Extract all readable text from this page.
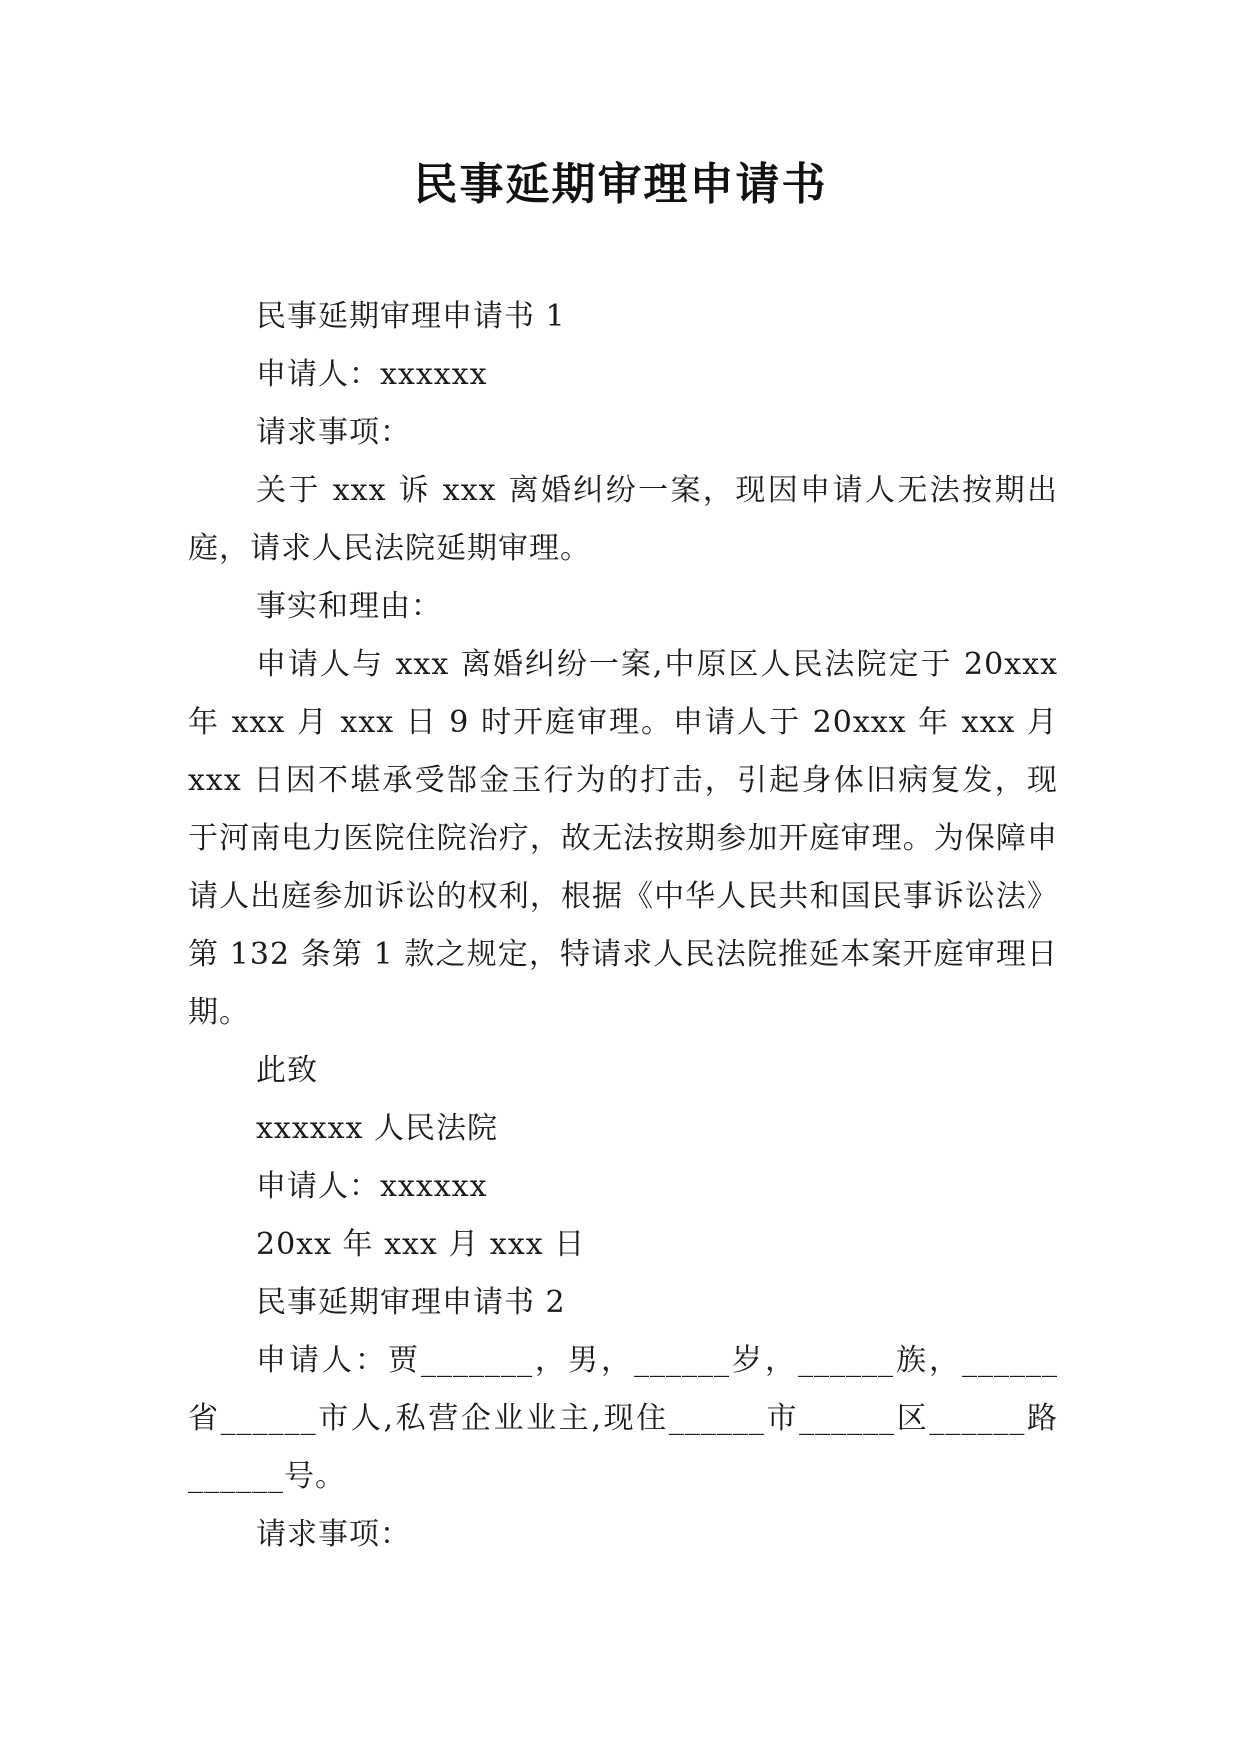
民事延期审理申请书

民事延期审理申请书 1

申请人：xxxxxx

请求事项：

关于 xxx 诉 xxx 离婚纠纷一案，现因申请人无法按期出庭，请求人民法院延期审理。

事实和理由：

申请人与 xxx 离婚纠纷一案,中原区人民法院定于 20xxx 年 xxx 月 xxx 日 9 时开庭审理。申请人于 20xxx 年 xxx 月 xxx 日因不堪承受郜金玉行为的打击，引起身体旧病复发，现于河南电力医院住院治疗，故无法按期参加开庭审理。为保障申请人出庭参加诉讼的权利，根据《中华人民共和国民事诉讼法》第 132 条第 1 款之规定，特请求人民法院推延本案开庭审理日期。

此致

xxxxxx 人民法院

申请人：xxxxxx

20xx 年 xxx 月 xxx 日

民事延期审理申请书 2

申请人：贾_______，男，______岁，______族，______省______市人,私营企业业主,现住______市______区______路______号。

请求事项：
